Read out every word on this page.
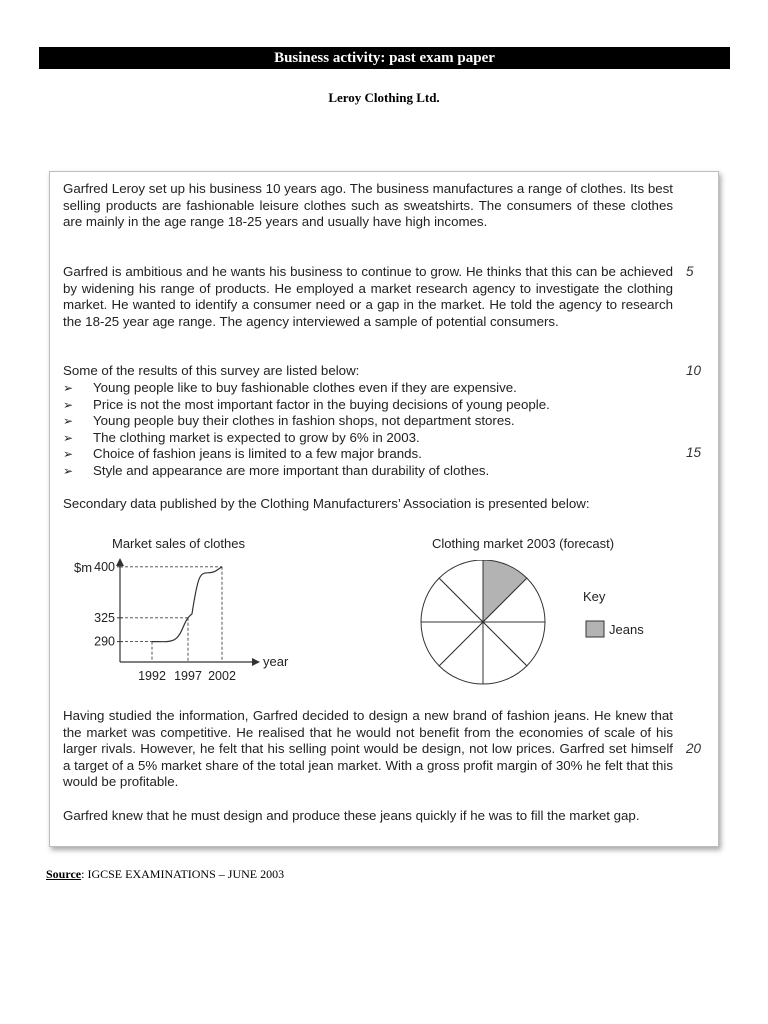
Business activity: past exam paper
Leroy Clothing Ltd.

Garfred Leroy set up his business 10 years ago. The business manufactures a range of clothes. Its best selling products are fashionable leisure clothes such as sweatshirts. The consumers of these clothes are mainly in the age range 18-25 years and usually have high incomes.

Garfred is ambitious and he wants his business to continue to grow. He thinks that this can be achieved by widening his range of products. He employed a market research agency to investigate the clothing market. He wanted to identify a consumer need or a gap in the market. He told the agency to research the 18-25 year age range. The agency interviewed a sample of potential consumers.

Some of the results of this survey are listed below:

➢ Young people like to buy fashionable clothes even if they are expensive.
➢ Price is not the most important factor in the buying decisions of young people.
➢ Young people buy their clothes in fashion shops, not department stores.
➢ The clothing market is expected to grow by 6% in 2003.
➢ Choice of fashion jeans is limited to a few major brands.
➢ Style and appearance are more important than durability of clothes.

Secondary data published by the Clothing Manufacturers’ Association is presented below:

Market sales of clothes
$m
year
290
325
400
1992 1997 2002
Clothing market 2003 (forecast)
Key
Jeans

Having studied the information, Garfred decided to design a new brand of fashion jeans. He knew that the market was competitive. He realised that he would not benefit from the economies of scale of his larger rivals. However, he felt that his selling point would be design, not low prices. Garfred set himself a target of a 5% market share of the total jean market. With a gross profit margin of 30% he felt that this would be profitable.

Garfred knew that he must design and produce these jeans quickly if he was to fill the market gap.

5
10
15
20
Source: IGCSE EXAMINATIONS – JUNE 2003
